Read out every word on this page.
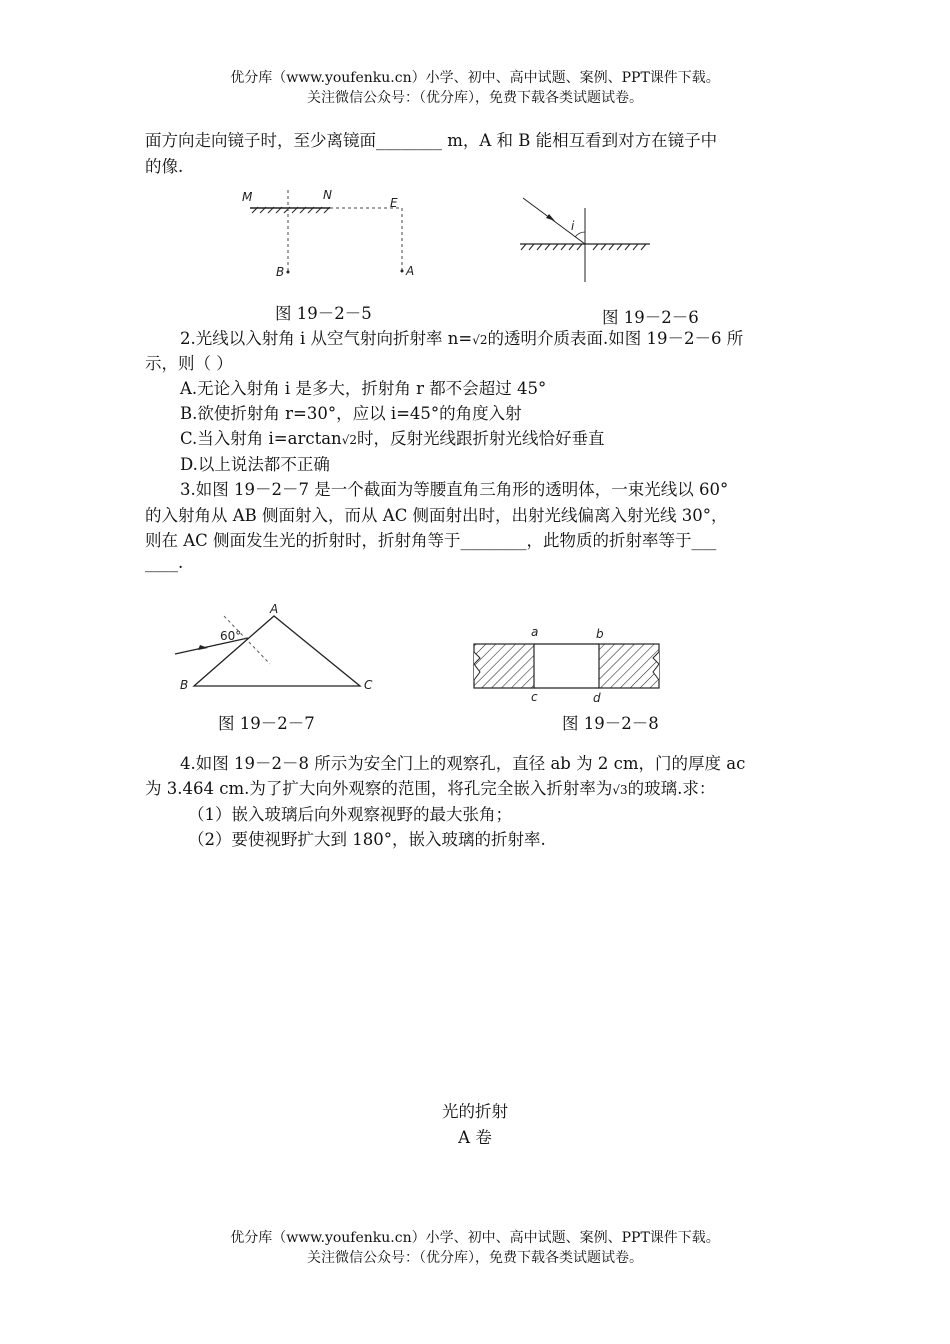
优分库（www.youfenku.cn）小学、初中、高中试题、案例、PPT课件下载。
关注微信公众号：（优分库），免费下载各类试题试卷。
面方向走向镜子时，至少离镜面________ m，A 和 B 能相互看到对方在镜子中
的像.
M	N
E
B	A
图 19－2－5
i
图 19－2－6
2.光线以入射角 i 从空气射向折射率 n=√2的透明介质表面.如图 19－2－6 所
示，则（ ）
A.无论入射角 i 是多大，折射角 r 都不会超过 45°
B.欲使折射角 r=30°，应以 i=45°的角度入射
C.当入射角 i=arctan√2时，反射光线跟折射光线恰好垂直
D.以上说法都不正确
3.如图 19－2－7 是一个截面为等腰直角三角形的透明体，一束光线以 60°
的入射角从 AB 侧面射入，而从 AC 侧面射出时，出射光线偏离入射光线 30°，
则在 AC 侧面发生光的折射时，折射角等于________，此物质的折射率等于___
____.
60°
A
B	C
图 19－2－7
a	b
c	d
图 19－2－8
4.如图 19－2－8 所示为安全门上的观察孔，直径 ab 为 2 cm，门的厚度 ac
为 3.464 cm.为了扩大向外观察的范围，将孔完全嵌入折射率为√3的玻璃.求：
（1）嵌入玻璃后向外观察视野的最大张角；
（2）要使视野扩大到 180°，嵌入玻璃的折射率.
光的折射
A 卷
优分库（www.youfenku.cn）小学、初中、高中试题、案例、PPT课件下载。
关注微信公众号：（优分库），免费下载各类试题试卷。
